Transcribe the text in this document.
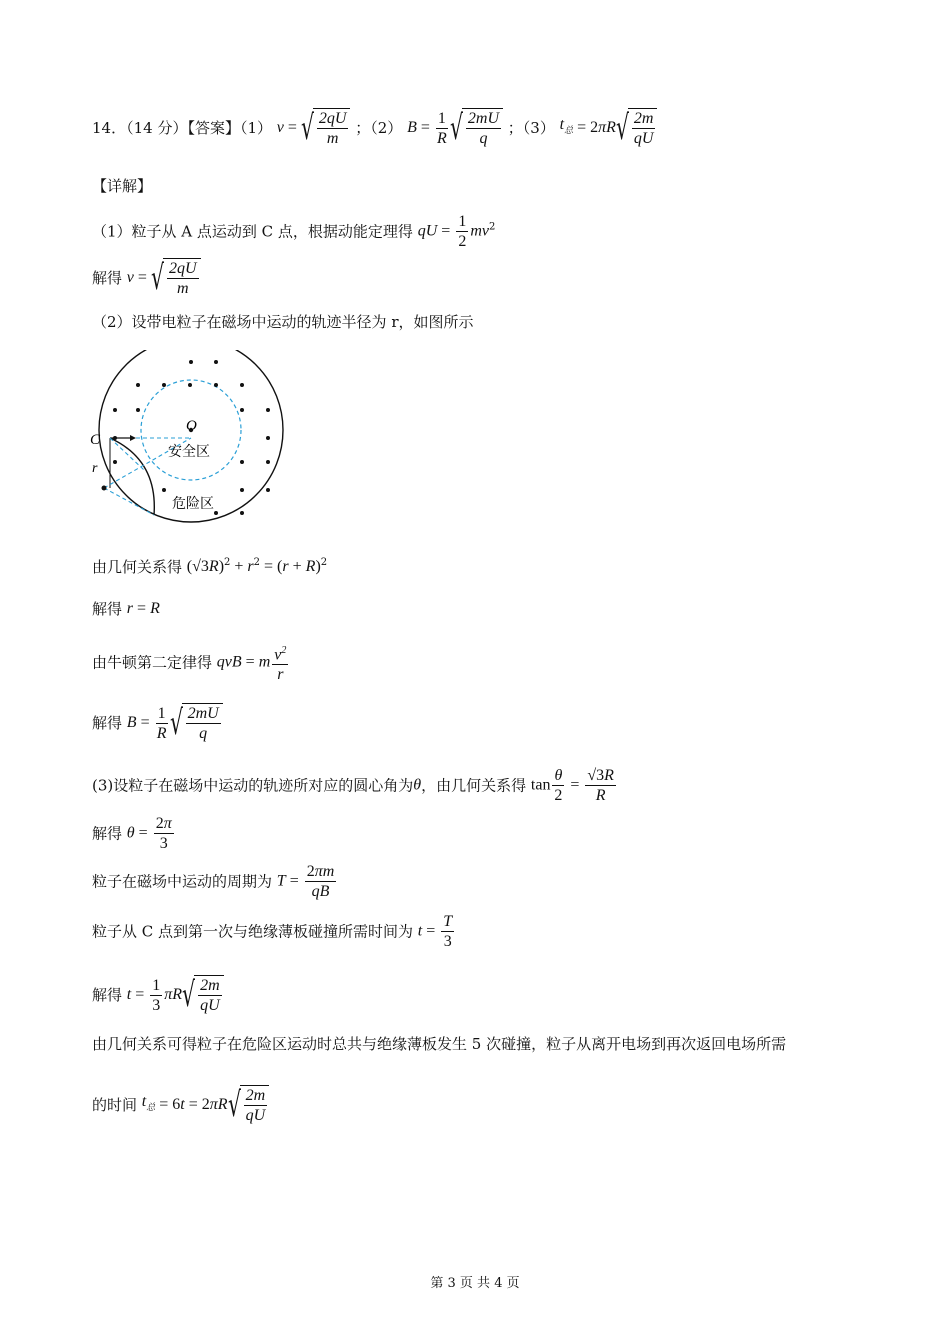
14．（14 分）【答案】（1） v = √ $\frac{2qU}{m}$ ；（2） $B = \frac{1}{R}$ √ $\frac{2mU}{q}$ ；（3） $t_总 = 2\pi R$ √ $\frac{2m}{qU}$
【详解】
（1）粒子从 A 点运动到 C 点，根据动能定理得 qU = $\frac{1}{2} mv^2$
解得 v = √ $\frac{2qU}{m}$
（2）设带电粒子在磁场中运动的轨迹半径为 r，如图所示
C
O
r
安全区
危险区
由几何关系得 $(√3R)^2 + r^2 = (r + R)^2$
解得 r = R
由牛顿第二定律得 qvB = m $\frac{v^2}{r}$
解得 $B = \frac{1}{R}$ √ $\frac{2mU}{q}$
(3)设粒子在磁场中运动的轨迹所对应的圆心角为θ，由几何关系得 $\tan \frac{\theta}{2} = \frac{√3R}{R}$
解得 $\theta = \frac{2\pi}{3}$
粒子在磁场中运动的周期为 $T = \frac{2\pi m}{qB}$
粒子从 C 点到第一次与绝缘薄板碰撞所需时间为 $t = \frac{T}{3}$
解得 $t = \frac{1}{3}$ πR √ $\frac{2m}{qU}$
由几何关系可得粒子在危险区运动时总共与绝缘薄板发生 5 次碰撞，粒子从离开电场到再次返回电场所需
的时间 $t_总 = 6t = 2\pi R$ √ $\frac{2m}{qU}$
第 3 页 共 4 页
